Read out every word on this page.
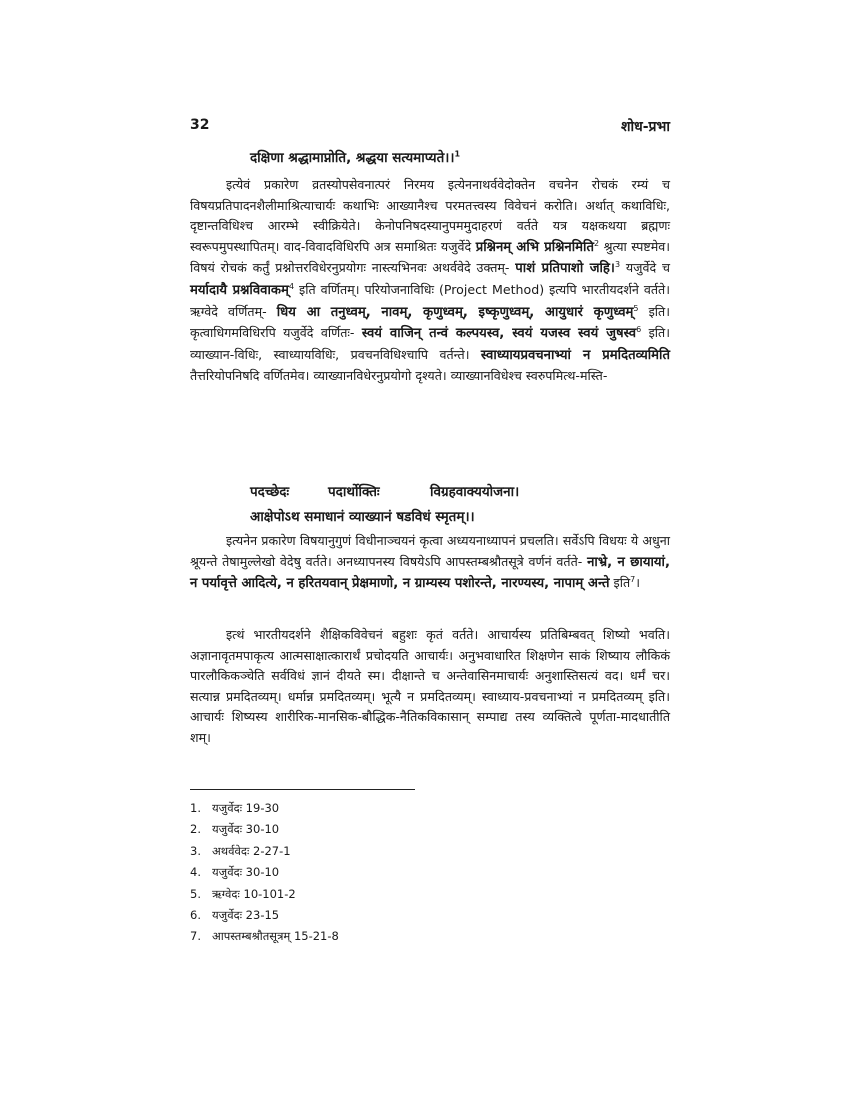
32	शोध-प्रभा
दक्षिणा श्रद्धामाप्नोति, श्रद्धया सत्यमाप्यते।।$^1$
इत्येवं प्रकारेण व्रतस्योपसेवनात्परं निरमय इत्येननाथर्ववेदोक्तेन वचनेन रोचकं रम्यं च विषयप्रतिपादनशैलीमाश्रित्याचार्यः कथाभिः आख्यानैश्च परमतत्त्वस्य विवेचनं करोति। अर्थात् कथाविधिः, दृष्टान्तविधिश्च आरम्भे स्वीक्रियेते। केनोपनिषदस्यानुपममुदाहरणं वर्तते यत्र यक्षकथया ब्रह्मणः स्वरूपमुपस्थापितम्। वाद-विवादविधिरपि अत्र समाश्रितः यजुर्वेदे प्रश्निनम् अभि प्रश्निनमिति$^2$ श्रुत्या स्पष्टमेव। विषयं रोचकं कर्तुं प्रश्नोत्तरविधेरनुप्रयोगः नास्त्यभिनवः अथर्ववेदे उक्तम्- पाशं प्रतिपाशो जहि।$^3$ यजुर्वेदे च मर्यादायै प्रश्नविवाकम्$^4$ इति वर्णितम्। परियोजनाविधिः (Project Method) इत्यपि भारतीयदर्शने वर्तते। ऋग्वेदे वर्णितम्- धिय आ तनुध्वम्, नावम्, कृणुध्वम्, इष्कृणुध्वम्, आयुधारं कृणुध्वम्$^5$ इति। कृत्वाधिगमविधिरपि यजुर्वेदे वर्णितः- स्वयं वाजिन् तन्वं कल्पयस्व, स्वयं यजस्व स्वयं जुषस्व$^6$ इति। व्याख्यान-विधिः, स्वाध्यायविधिः, प्रवचनविधिश्चापि वर्तन्ते। स्वाध्यायप्रवचनाभ्यां न प्रमदितव्यमिति तैत्तरियोपनिषदि वर्णितमेव। व्याख्यानविधेरनुप्रयोगो दृश्यते। व्याख्यानविधेश्च स्वरुपमित्थ-मस्ति-
पदच्छेदः	पदार्थोक्तिः	विग्रहवाक्ययोजना।
आक्षेपोऽथ समाधानं व्याख्यानं षडविधं स्मृतम्।।
इत्यनेन प्रकारेण विषयानुगुणं विधीनाञ्चयनं कृत्वा अध्ययनाध्यापनं प्रचलति। सर्वेऽपि विधयः ये अधुना श्रूयन्ते तेषामुल्लेखो वेदेषु वर्तते। अनध्यापनस्य विषयेऽपि आपस्तम्बश्रौतसूत्रे वर्णनं वर्तते- नाभ्रे, न छायायां, न पर्यावृत्ते आदित्ये, न हरितयवान् प्रेक्षमाणो, न ग्राम्यस्य पशोरन्ते, नारण्यस्य, नापाम् अन्ते इति$^7$।
इत्थं भारतीयदर्शने शैक्षिकविवेचनं बहुशः कृतं वर्तते। आचार्यस्य प्रतिबिम्बवत् शिष्यो भवति। अज्ञानावृतमपाकृत्य आत्मसाक्षात्कारार्थं प्रचोदयति आचार्यः। अनुभवाधारित शिक्षणेन साकं शिष्याय लौकिकं पारलौकिकञ्चेति सर्वविधं ज्ञानं दीयते स्म। दीक्षान्ते च अन्तेवासिनमाचार्यः अनुशास्तिसत्यं वद। धर्मं चर। सत्यान्न प्रमदितव्यम्। धर्मान्न प्रमदितव्यम्। भूत्यै न प्रमदितव्यम्। स्वाध्याय-प्रवचनाभ्यां न प्रमदितव्यम् इति। आचार्यः शिष्यस्य शारीरिक-मानसिक-बौद्धिक-नैतिकविकासान् सम्पाद्य तस्य व्यक्तित्वे पूर्णता-मादधातीति शम्।
1. यजुर्वेदः 19-30
2. यजुर्वेदः 30-10
3. अथर्ववेदः 2-27-1
4. यजुर्वेदः 30-10
5. ऋग्वेदः 10-101-2
6. यजुर्वेदः 23-15
7. आपस्तम्बश्रौतसूत्रम् 15-21-8
